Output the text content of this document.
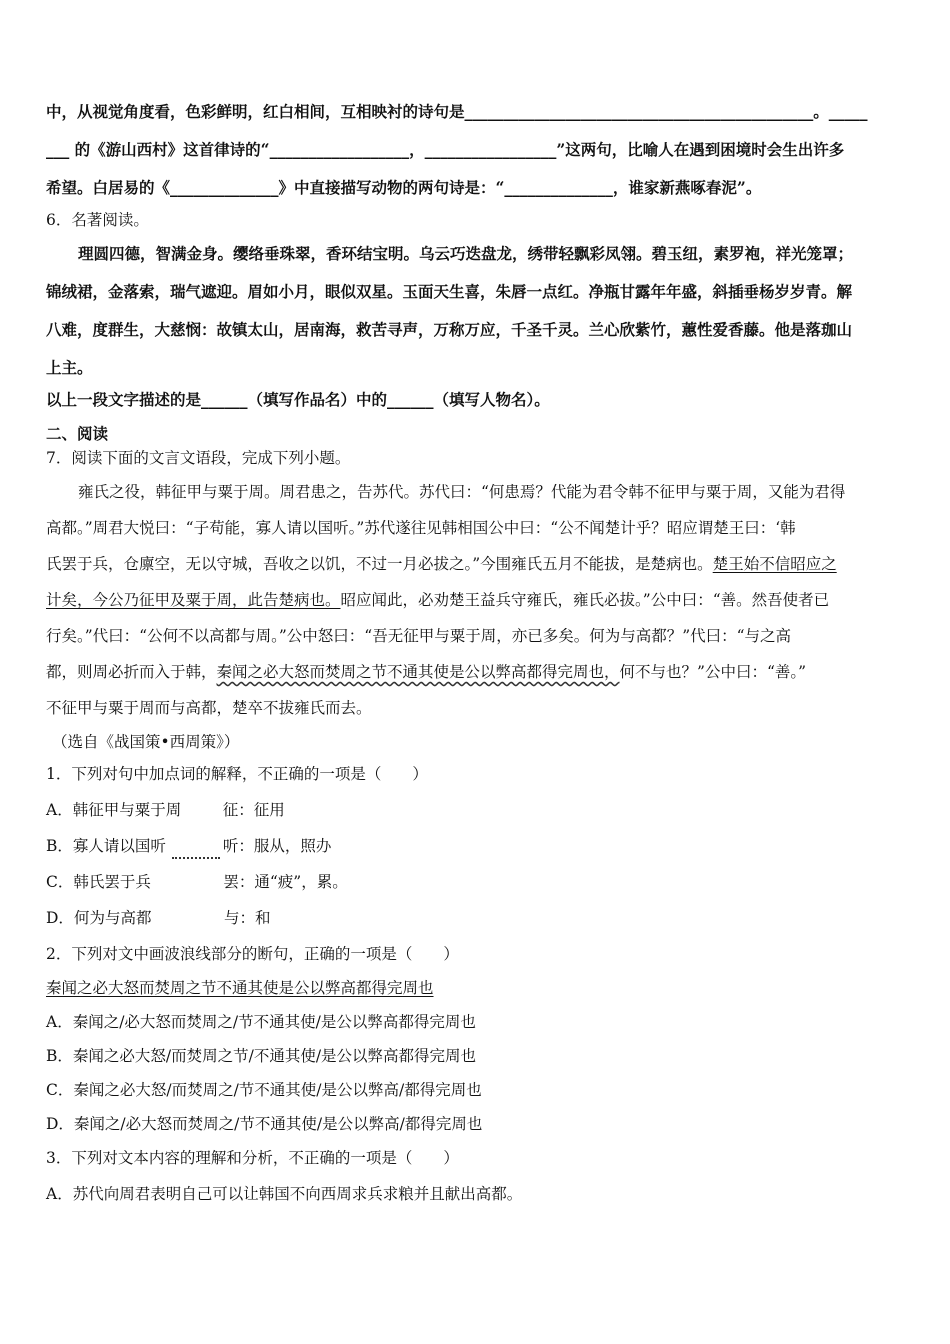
中，从视觉角度看，色彩鲜明，红白相间，互相映衬的诗句是_____________________________________________。_____
___ 的《游山西村》这首律诗的“__________________，_________________”这两句，比喻人在遇到困境时会生出许多
希望。白居易的《______________》中直接描写动物的两句诗是：“______________，谁家新燕啄春泥”。
6．名著阅读。
理圆四德，智满金身。缨络垂珠翠，香环结宝明。乌云巧迭盘龙，绣带轻飘彩凤翎。碧玉纽，素罗袍，祥光笼罩；
锦绒裙，金落索，瑞气遮迎。眉如小月，眼似双星。玉面天生喜，朱唇一点红。净瓶甘露年年盛，斜插垂杨岁岁青。解
八难，度群生，大慈悯：故镇太山，居南海，救苦寻声，万称万应，千圣千灵。兰心欣紫竹，蕙性爱香藤。他是落珈山
上主。
以上一段文字描述的是______（填写作品名）中的______（填写人物名）。
二、阅读
7．阅读下面的文言文语段，完成下列小题。
雍氏之役，韩征甲与粟于周。周君患之，告苏代。苏代曰：“何患焉？代能为君令韩不征甲与粟于周，又能为君得
高都。”周君大悦曰：“子苟能，寡人请以国听。”苏代遂往见韩相国公中曰：“公不闻楚计乎？昭应谓楚王曰：‘韩
氏罢于兵，仓廪空，无以守城，吾收之以饥，不过一月必拔之。”今围雍氏五月不能拔，是楚病也。楚王始不信昭应之
计矣，今公乃征甲及粟于周，此告楚病也。昭应闻此，必劝楚王益兵守雍氏，雍氏必拔。”公中曰：“善。然吾使者已
行矣。”代曰：“公何不以高都与周。”公中怒曰：“吾无征甲与粟于周，亦已多矣。何为与高都？”代曰：“与之高
都，则周必折而入于韩，秦闻之必大怒而焚周之节不通其使是公以弊高都得完周也，何不与也？”公中曰：“善。”
不征甲与粟于周而与高都，楚卒不拔雍氏而去。
（选自《战国策•西周策》）
1．下列对句中加点词的解释，不正确的一项是（　　）
A．韩征甲与粟于周	征：征用
B．寡人请以国听	听：服从，照办
C．韩氏罢于兵	罢：通“疲”，累。
D．何为与高都	与：和
2．下列对文中画波浪线部分的断句，正确的一项是（　　）
秦闻之必大怒而焚周之节不通其使是公以弊高都得完周也
A．秦闻之/必大怒而焚周之/节不通其使/是公以弊高都得完周也
B．秦闻之必大怒/而焚周之节/不通其使/是公以弊高都得完周也
C．秦闻之必大怒/而焚周之/节不通其使/是公以弊高/都得完周也
D．秦闻之/必大怒而焚周之/节不通其使/是公以弊高/都得完周也
3．下列对文本内容的理解和分析，不正确的一项是（　　）
A．苏代向周君表明自己可以让韩国不向西周求兵求粮并且献出高都。
